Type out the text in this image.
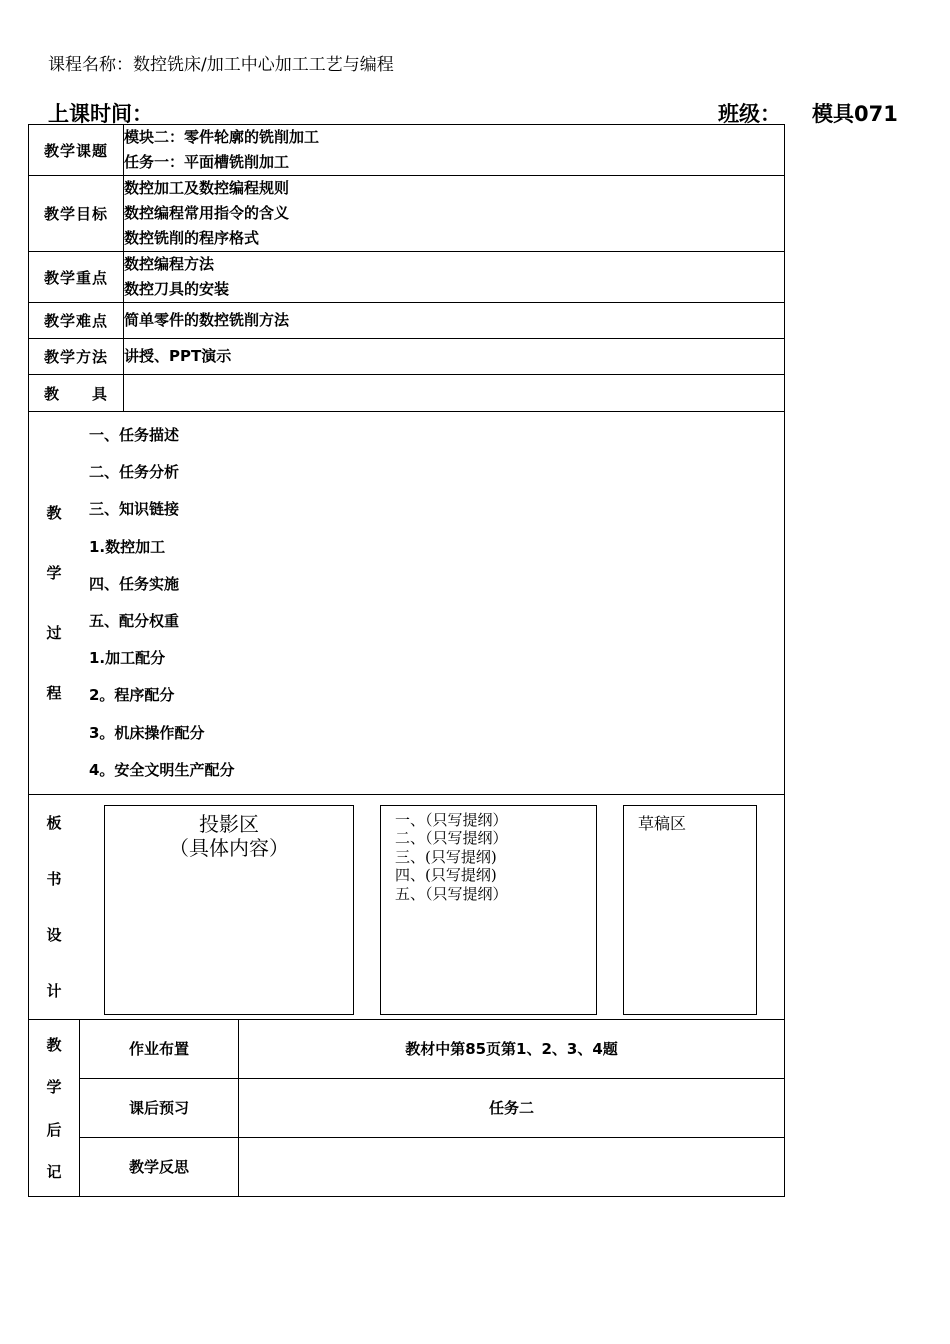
课程名称：数控铣床/加工中心加工工艺与编程
上课时间：	班级： 模具071
教学课题	
模块二：零件轮廓的铣削加工
任务一：平面槽铣削加工

教学目标	
数控加工及数控编程规则
数控编程常用指令的含义
数控铣削的程序格式

教学重点	
数控编程方法
数控刀具的安装

教学难点	简单零件的数控铣削方法
教学方法	讲授、PPT演示
教　　具	

教
学
过
程
一、任务描述
二、任务分析
三、知识链接
1.数控加工
四、任务实施
五、配分权重
1.加工配分
2。程序配分
3。机床操作配分
4。安全文明生产配分

板
书
设
计
投影区
（具体内容）
一、（只写提纲）
二、（只写提纲）
三、(只写提纲)
四、(只写提纲)
五、（只写提纲）
草稿区

教
学
后
记
	作业布置	教材中第85页第1、2、3、4题
课后预习	任务二
教学反思	
